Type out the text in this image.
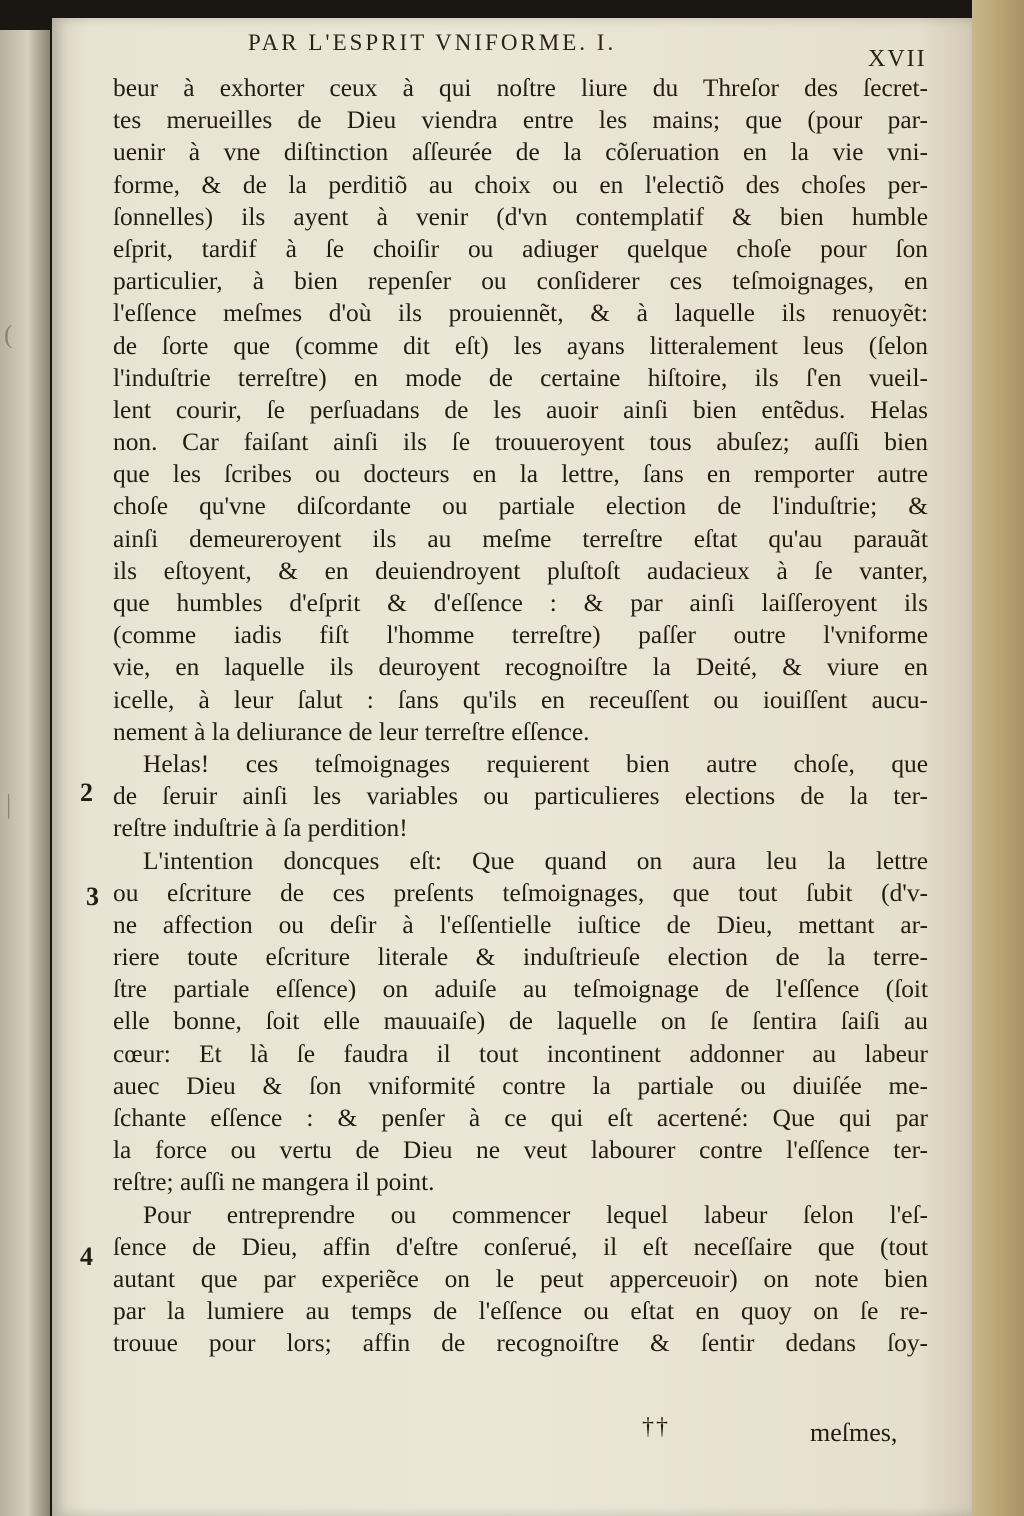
(
|
PAR L'ESPRIT VNIFORME. I.
XVII
2
3
4
beur à exhorter ceux à qui noſtre liure du Threſor des ſecret-
tes merueilles de Dieu viendra entre les mains; que (pour par-
uenir à vne diſtinction aſſeurée de la cõſeruation en la vie vni-
forme, & de la perditiõ au choix ou en l'electiõ des choſes per-
ſonnelles) ils ayent à venir (d'vn contemplatif & bien humble
eſprit, tardif à ſe choiſir ou adiuger quelque choſe pour ſon
particulier, à bien repenſer ou conſiderer ces teſmoignages, en
l'eſſence meſmes d'où ils prouiennẽt, & à laquelle ils renuoyẽt:
de ſorte que (comme dit eſt) les ayans litteralement leus (ſelon
l'induſtrie terreſtre) en mode de certaine hiſtoire, ils ſ'en vueil-
lent courir, ſe perſuadans de les auoir ainſi bien entẽdus. Helas
non. Car faiſant ainſi ils ſe trouueroyent tous abuſez; auſſi bien
que les ſcribes ou docteurs en la lettre, ſans en remporter autre
choſe qu'vne diſcordante ou partiale election de l'induſtrie; &
ainſi demeureroyent ils au meſme terreſtre eſtat qu'au parauãt
ils eſtoyent, & en deuiendroyent pluſtoſt audacieux à ſe vanter,
que humbles d'eſprit & d'eſſence : & par ainſi laiſſeroyent ils
(comme iadis fiſt l'homme terreſtre) paſſer outre l'vniforme
vie, en laquelle ils deuroyent recognoiſtre la Deité, & viure en
icelle, à leur ſalut : ſans qu'ils en receuſſent ou iouiſſent aucu-
nement à la deliurance de leur terreſtre eſſence.
Helas! ces teſmoignages requierent bien autre choſe, que
de ſeruir ainſi les variables ou particulieres elections de la ter-
reſtre induſtrie à ſa perdition!
L'intention doncques eſt: Que quand on aura leu la lettre
ou eſcriture de ces preſents teſmoignages, que tout ſubit (d'v-
ne affection ou deſir à l'eſſentielle iuſtice de Dieu, mettant ar-
riere toute eſcriture literale & induſtrieuſe election de la terre-
ſtre partiale eſſence) on aduiſe au teſmoignage de l'eſſence (ſoit
elle bonne, ſoit elle mauuaiſe) de laquelle on ſe ſentira ſaiſi au
cœur: Et là ſe faudra il tout incontinent addonner au labeur
auec Dieu & ſon vniformité contre la partiale ou diuiſée me-
ſchante eſſence : & penſer à ce qui eſt acertené: Que qui par
la force ou vertu de Dieu ne veut labourer contre l'eſſence ter-
reſtre; auſſi ne mangera il point.
Pour entreprendre ou commencer lequel labeur ſelon l'eſ-
ſence de Dieu, affin d'eſtre conſerué, il eſt neceſſaire que (tout
autant que par experiẽce on le peut apperceuoir) on note bien
par la lumiere au temps de l'eſſence ou eſtat en quoy on ſe re-
trouue pour lors; affin de recognoiſtre & ſentir dedans ſoy-
††	meſmes,
